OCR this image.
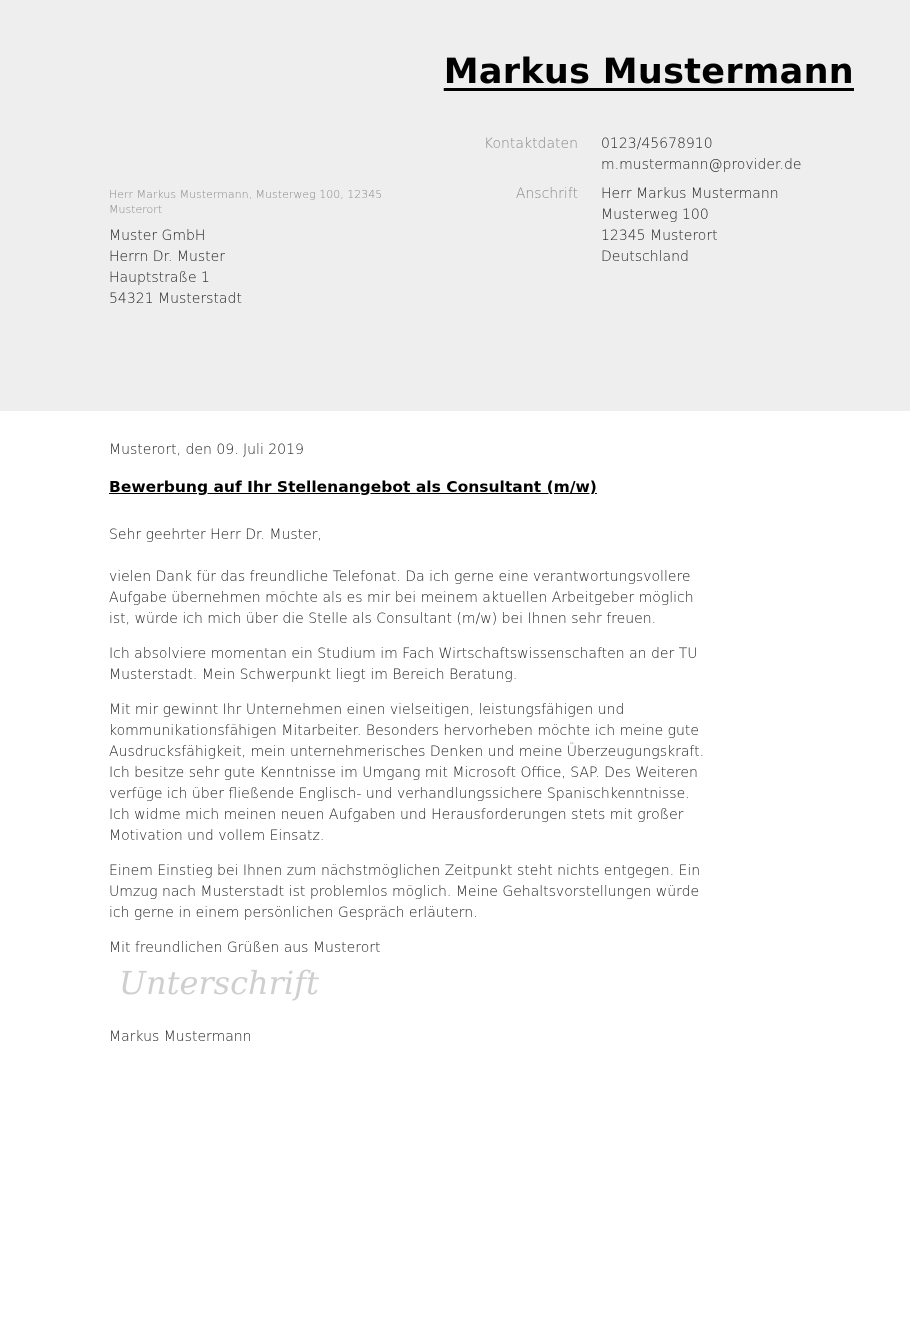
Markus Mustermann
Kontaktdaten	0123/45678910
m.mustermann@provider.de
Anschrift	Herr Markus Mustermann
Musterweg 100
12345 Musterort
Deutschland
Herr Markus Mustermann, Musterweg 100, 12345 Musterort
Muster GmbH
Herrn Dr. Muster
Hauptstraße 1
54321 Musterstadt
Musterort, den 09. Juli 2019
Bewerbung auf Ihr Stellenangebot als Consultant (m/w)
Sehr geehrter Herr Dr. Muster,

vielen Dank für das freundliche Telefonat. Da ich gerne eine verantwortungsvollere Aufgabe übernehmen möchte als es mir bei meinem aktuellen Arbeitgeber möglich ist, würde ich mich über die Stelle als Consultant (m/w) bei Ihnen sehr freuen.

Ich absolviere momentan ein Studium im Fach Wirtschaftswissenschaften an der TU Musterstadt. Mein Schwerpunkt liegt im Bereich Beratung.

Mit mir gewinnt Ihr Unternehmen einen vielseitigen, leistungsfähigen und kommunikationsfähigen Mitarbeiter. Besonders hervorheben möchte ich meine gute Ausdrucksfähigkeit, mein unternehmerisches Denken und meine Überzeugungskraft. Ich besitze sehr gute Kenntnisse im Umgang mit Microsoft Office, SAP. Des Weiteren verfüge ich über fließende Englisch- und verhandlungssichere Spanischkenntnisse. Ich widme mich meinen neuen Aufgaben und Herausforderungen stets mit großer Motivation und vollem Einsatz.

Einem Einstieg bei Ihnen zum nächstmöglichen Zeitpunkt steht nichts entgegen. Ein Umzug nach Musterstadt ist problemlos möglich. Meine Gehaltsvorstellungen würde ich gerne in einem persönlichen Gespräch erläutern.

Mit freundlichen Grüßen aus Musterort
Unterschrift
Markus Mustermann
